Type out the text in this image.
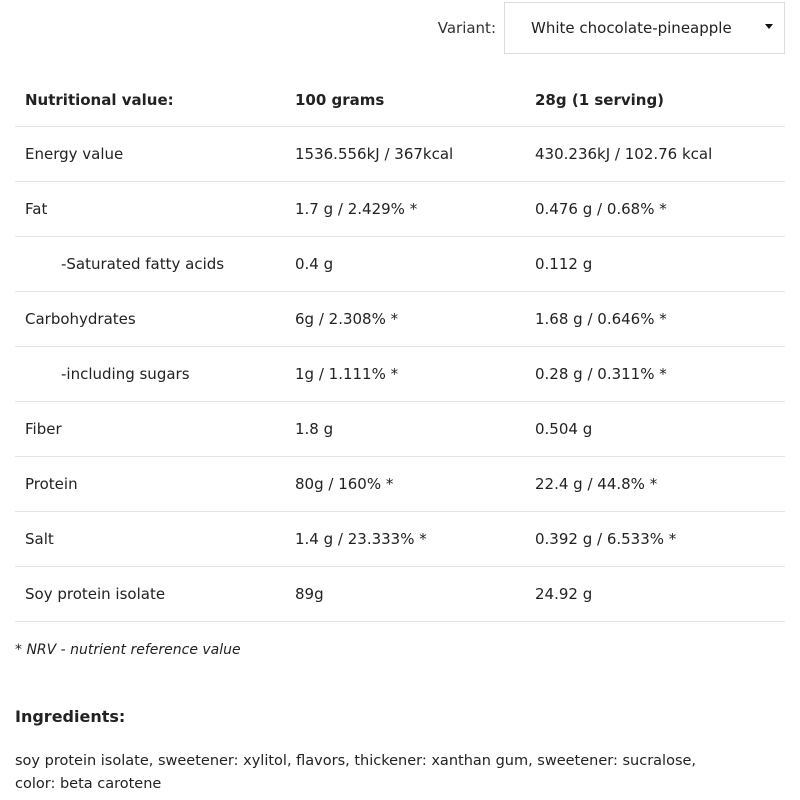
Variant: White chocolate-pineapple
Nutritional value:	100 grams	28g (1 serving)
Energy value	1536.556kJ / 367kcal	430.236kJ / 102.76 kcal
Fat	1.7 g / 2.429% *	0.476 g / 0.68% *
-Saturated fatty acids	0.4 g	0.112 g
Carbohydrates	6g / 2.308% *	1.68 g / 0.646% *
-including sugars	1g / 1.111% *	0.28 g / 0.311% *
Fiber	1.8 g	0.504 g
Protein	80g / 160% *	22.4 g / 44.8% *
Salt	1.4 g / 23.333% *	0.392 g / 6.533% *
Soy protein isolate	89g	24.92 g
* NRV - nutrient reference value
Ingredients:

soy protein isolate, sweetener: xylitol, flavors, thickener: xanthan gum, sweetener: sucralose, color: beta carotene
